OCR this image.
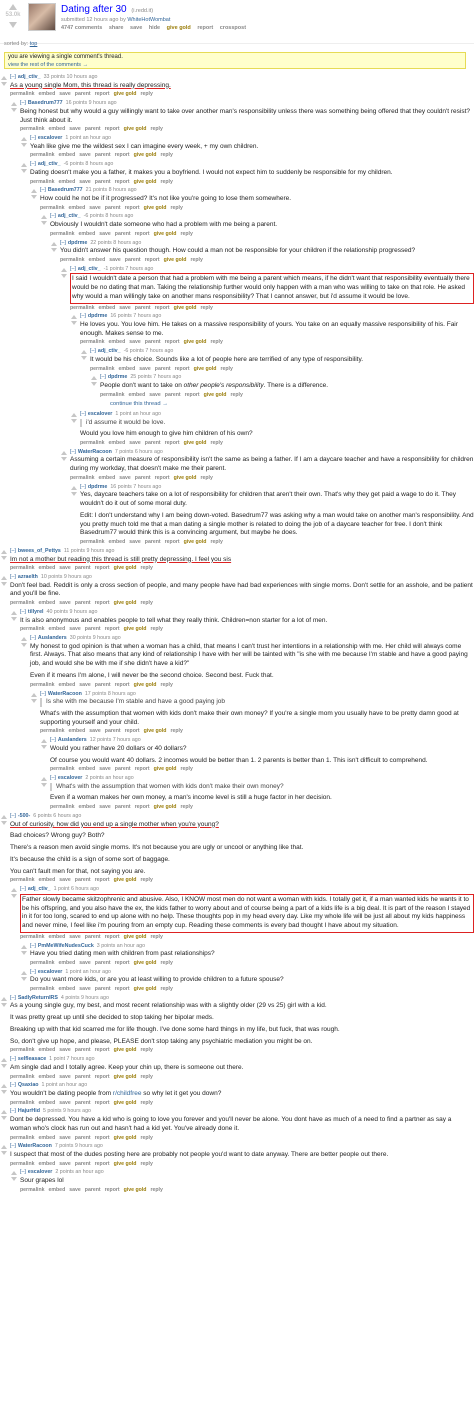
53.0k	Dating after 30 (i.redd.it)
submitted 12 hours ago by WhiteHotWombat
4747 comments share save hide give gold report crosspost
sorted by: top
you are viewing a single comment's thread.
view the rest of the comments →
[–] adj_ctiv_ 33 points 10 hours ago

As a young single Mom, this thread is really depressing.

permalink embed save parent report give gold reply
[–] Basedrum777 16 points 9 hours ago

Being honest but why would a guy willingly want to take over another man's responsibility unless there was something being offered that they couldn't resist? Just think about it.

permalink embed save parent report give gold reply
[–] escalover 1 point an hour ago

Yeah like give me the wildest sex I can imagine every week, + my own children.

permalink embed save parent report give gold reply
[–] adj_ctiv_ -6 points 8 hours ago

Dating doesn't make you a father, it makes you a boyfriend. I would not expect him to suddenly be responsible for my children.

permalink embed save parent report give gold reply
[–] Basedrum777 21 points 8 hours ago

How could he not be if it progressed? It's not like you're going to lose them somewhere.

permalink embed save parent report give gold reply
[–] adj_ctiv_ -6 points 8 hours ago

Obviously I wouldn't date someone who had a problem with me being a parent.

permalink embed save parent report give gold reply
[–] dpdrme 22 points 8 hours ago

You didn't answer his question though. How could a man not be responsible for your children if the relationship progressed?

permalink embed save parent report give gold reply
[–] adj_ctiv_ -1 points 7 hours ago

I said I wouldn't date a person that had a problem with me being a parent which means, if he didn't want that responsibility eventually there would be no dating that man. Taking the relationship further would only happen with a man who was willing to take on that role. He asked why would a man willingly take on another mans responsibility? That I cannot answer, but i'd assume it would be love.

permalink embed save parent report give gold reply
[–] dpdrme 16 points 7 hours ago

He loves you. You love him. He takes on a massive responsibility of yours. You take on an equally massive responsibility of his. Fair enough. Makes sense to me.

permalink embed save parent report give gold reply
[–] adj_ctiv_ -6 points 7 hours ago

It would be his choice. Sounds like a lot of people here are terrified of any type of responsibility.

permalink embed save parent report give gold reply
[–] dpdrme 25 points 7 hours ago

People don't want to take on other people's responsibility. There is a difference.

permalink embed save parent report give gold reply
continue this thread →
[–] escalover 1 point an hour ago

i'd assume it would be love.

Would you love him enough to give him children of his own?

permalink embed save parent report give gold reply
[–] WaterRacoon 7 points 6 hours ago

Assuming a certain measure of responsibility isn't the same as being a father. If I am a daycare teacher and have a responsibility for children during my workday, that doesn't make me their parent.

permalink embed save parent report give gold reply
[–] dpdrme 16 points 7 hours ago

Yes, daycare teachers take on a lot of responsibility for children that aren't their own. That's why they get paid a wage to do it. They wouldn't do it out of some moral duty.

Edit: I don't understand why I am being down-voted. Basedrum77 was asking why a man would take on another man's responsibility. And you pretty much told me that a man dating a single mother is related to doing the job of a daycare teacher for free. I don't think Basedrum77 would think this is a convincing argument, but maybe he does.

permalink embed save parent report give gold reply
[–] bwees_of_Pettys 11 points 9 hours ago

Im not a mother but reading this thread is still pretty depressing. I feel you sis

permalink embed save parent report give gold reply
[–] azraelth 10 points 9 hours ago

Don't feel bad. Reddit is only a cross section of people, and many people have had bad experiences with single moms. Don't settle for an asshole, and be patient and you'll be fine.

permalink embed save parent report give gold reply
[–] tillyrel 40 points 9 hours ago

It is also anonymous and enables people to tell what they really think. Children=non starter for a lot of men.

permalink embed save parent report give gold reply
[–] Auslanders 30 points 9 hours ago

My honest to god opinion is that when a woman has a child, that means I can't trust her intentions in a relationship with me. Her child will always come first. Always. That also means that any kind of relationship I have with her will be tainted with "is she with me because I'm stable and have a good paying job, and would she be with me if she didn't have a kid?"

Even if it means I'm alone, I will never be the second choice. Second best. Fuck that.

permalink embed save parent report give gold reply
[–] WaterRacoon 17 points 8 hours ago

Is she with me because I'm stable and have a good paying job

What's with the assumption that women with kids don't make their own money? If you're a single mom you usually have to be pretty damn good at supporting yourself and your child.

permalink embed save parent report give gold reply
[–] Auslanders 12 points 7 hours ago

Would you rather have 20 dollars or 40 dollars?

Of course you would want 40 dollars. 2 incomes would be better than 1. 2 parents is better than 1. This isn't difficult to comprehend.

permalink embed save parent report give gold reply
[–] escalover 2 points an hour ago

What's with the assumption that women with kids don't make their own money?

Even if a woman makes her own money, a man's income level is still a huge factor in her decision.

permalink embed save parent report give gold reply
[–] -500- 6 points 6 hours ago

Out of curiosity, how did you end up a single mother when you're young?

Bad choices? Wrong guy? Both?

There's a reason men avoid single moms. It's not because you are ugly or uncool or anything like that.

It's because the child is a sign of some sort of baggage.

You can't fault men for that, not saying you are.

permalink embed save parent report give gold reply
[–] adj_ctiv_ 1 point 6 hours ago

Father slowly became skitzophrenic and abusive. Also, I KNOW most men do not want a woman with kids. I totally get it, if a man wanted kids he wants it to be his offspring, and you also have the ex, the kids father to worry about and of course being a part of a kids life is a big deal. It is part of the reason I stayed in it for too long, scared to end up alone with no help. These thoughts pop in my head every day. Like my whole life will be just all about my kids happiness and never mine, I feel like i'm pouring from an empty cup. Reading these comments is every bad thought I have about my situation.

permalink embed save parent report give gold reply
[–] PmMeWifeNudesCuck 3 points an hour ago

Have you tried dating men with children from past relationships?

permalink embed save parent report give gold reply
[–] escalover 1 point an hour ago

Do you want more kids, or are you at least willing to provide children to a future spouse?

permalink embed save parent report give gold reply
[–] SadlyReturnIRS 4 points 9 hours ago

As a young single guy, my best, and most recent relationship was with a slightly older (29 vs 25) girl with a kid.

It was pretty great up until she decided to stop taking her bipolar meds.

Breaking up with that kid scarred me for life though. I've done some hard things in my life, but fuck, that was rough.

So, don't give up hope, and please, PLEASE don't stop taking any psychiatric mediation you might be on.

permalink embed save parent report give gold reply
[–] selfleasace 1 point 7 hours ago

Am single dad and I totally agree. Keep your chin up, there is someone out there.

permalink embed save parent report give gold reply
[–] Qsaxiao 1 point an hour ago

You wouldn't be dating people from r/childfree so why let it get you down?

permalink embed save parent report give gold reply
[–] HajurHid 5 points 9 hours ago

Dont be depressed. You have a kid who is going to love you forever and you'll never be alone. You dont have as much of a need to find a partner as say a woman who's clock has run out and hasn't had a kid yet. You've already done it.

permalink embed save parent report give gold reply
[–] WaterRacoon 7 points 9 hours ago

I suspect that most of the dudes posting here are probably not people you'd want to date anyway. There are better people out there.

permalink embed save parent report give gold reply
[–] escalover 2 points an hour ago

Sour grapes lol

permalink embed save parent report give gold reply
